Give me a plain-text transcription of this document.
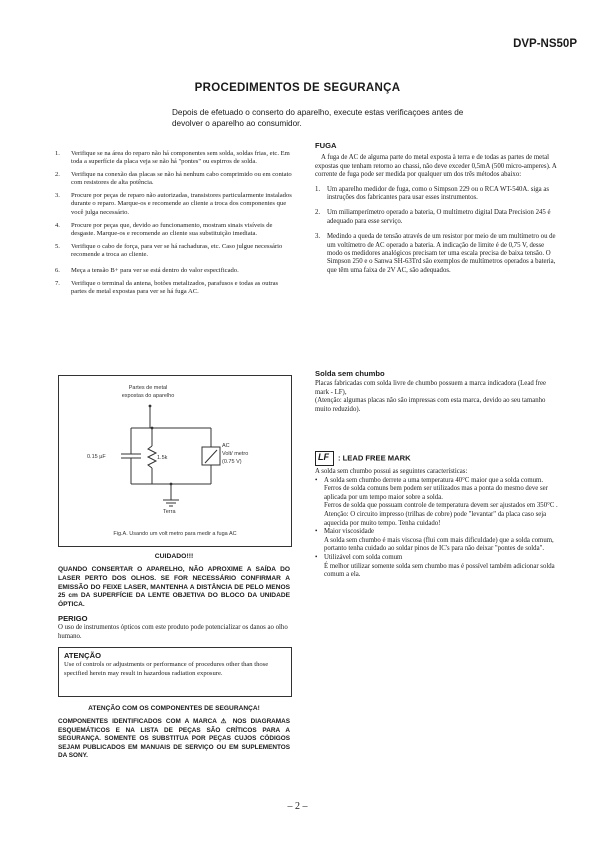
DVP-NS50P
PROCEDIMENTOS DE SEGURANÇA
Depois de efetuado o conserto do aparelho, execute estas verificaçoes antes de devolver o aparelho ao consumidor.
1. Verifique se na área do reparo não há componentes sem solda, soldas frias, etc. Em toda a superfície da placa veja se não há "pontes" ou espirros de solda.
2. Verifique na conexão das placas se não há nenhum cabo comprimido ou em contato com resistores de alta potência.
3. Procure por peças de reparo não autorizadas, transistores particularmente instalados durante o reparo. Marque-os e recomende ao cliente a troca dos componentes que você julga necessário.
4. Procure por peças que, devido ao funcionamento, mostram sinais visíveis de desgaste. Marque-os e recomende ao cliente sua substituição imediata.
5. Verifique o cabo de força, para ver se há rachaduras, etc. Caso julgue necessário recomende a troca ao cliente.
6. Meça a tensão B+ para ver se está dentro do valor especificado.
7. Verifique o terminal da antena, botões metalizados, parafusos e todas as outras partes de metal expostas para ver se há fuga AC.
FUGA

A fuga de AC de alguma parte do metal exposta à terra e de todas as partes de metal expostas que tenham retorno ao chassi, não deve exceder 0,5mA (500 micro-amperes). A corrente de fuga pode ser medida por qualquer um dos três métodos abaixo:

1. Um aparelho medidor de fuga, como o Simpson 229 ou o RCA WT-540A. siga as instruções dos fabricantes para usar esses instrumentos.
2. Um miliamperímetro operado a bateria, O multímetro digital Data Precision 245 é adequado para esse serviço.
3. Medindo a queda de tensão através de um resistor por meio de um multímetro ou de um voltímetro de AC operado a bateria. A indicação de limite é de 0,75 V, desse modo os medidores analógicos precisam ter uma escala precisa de baixa tensão. O Simpson 250 e o Sanwa SH-63Trd são exemplos de multímetros operados a bateria, que têm uma faixa de 2V AC, são adequados.
Solda sem chumbo

Placas fabricadas com solda livre de chumbo possuem a marca indicadora (Lead free mark - LF),

(Atenção: algumas placas não são impressas com esta marca, devido ao seu tamanho muito reduzido).

LF : LEAD FREE MARK

A solda sem chumbo possui as seguintes características:

• A solda sem chumbo derrete a uma temperatura 40°C maior que a solda comum.
Ferros de solda comuns bem podem ser utilizados mas a ponta do mesmo deve ser aplicada por um tempo maior sobre a solda.
Ferros de solda que possuam controle de temperatura devem ser ajustados em 350°C .
Atenção: O circuito impresso (trilhas de cobre) pode "levantar" da placa caso seja aquecida por muito tempo. Tenha cuidado!
• Maior viscosidade
A solda sem chumbo é mais viscosa (flui com mais dificuldade) que a solda comum, portanto tenha cuidado ao soldar pinos de IC's para não deixar "pontes de solda".
• Utilizável com solda comum
É melhor utilizar somente solda sem chumbo mas é possível também adicionar solda comum a ela.
Partes de metal
expostas do aparelho
0.15 µF	1.5k
AC
Volt/ metro
(0.75 V)
Terra
Fig.A. Usando um volt metro para medir a fuga AC
CUIDADO!!!
QUANDO CONSERTAR O APARELHO, NÃO APROXIME A SAÍDA DO LASER PERTO DOS OLHOS. SE FOR NECESSÁRIO CONFIRMAR A EMISSÃO DO FEIXE LASER, MANTENHA A DISTÂNCIA DE PELO MENOS 25 cm DA SUPERFÍCIE DA LENTE OBJETIVA DO BLOCO DA UNIDADE ÓPTICA.
PERIGO
O uso de instrumentos ópticos com este produto pode potencializar os danos ao olho humano.
ATENÇÃO
Use of controls or adjustments or performance of procedures other than those specified herein may result in hazardous radiation exposure.
ATENÇÃO COM OS COMPONENTES DE SEGURANÇA!
COMPONENTES IDENTIFICADOS COM A MARCA ⚠ NOS DIAGRAMAS ESQUEMÁTICOS E NA LISTA DE PEÇAS SÃO CRÍTICOS PARA A SEGURANÇA. SOMENTE OS SUBSTITUA POR PEÇAS CUJOS CÓDIGOS SEJAM PUBLICADOS EM MANUAIS DE SERVIÇO OU EM SUPLEMENTOS DA SONY.
– 2 –
